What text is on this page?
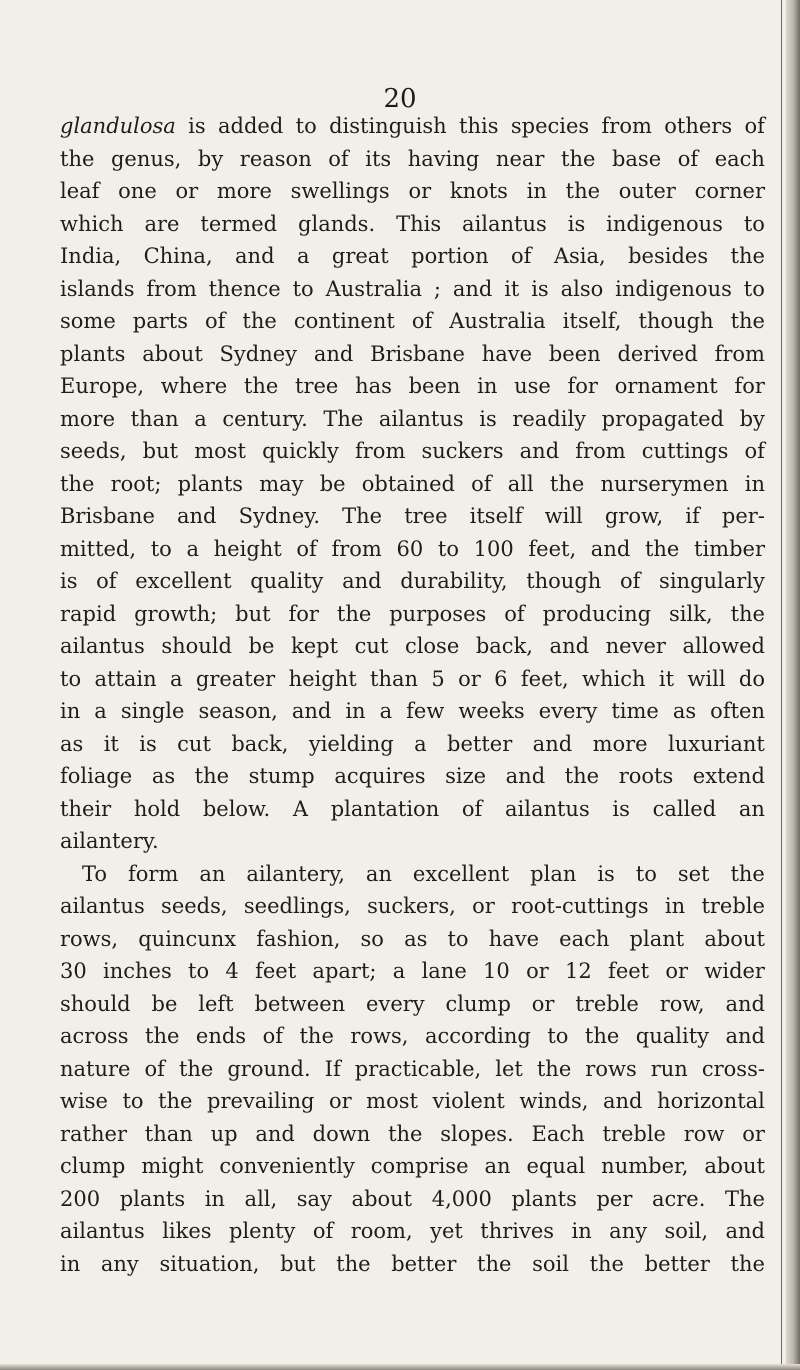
20
glandulosa is added to distinguish this species from others of
the genus, by reason of its having near the base of each
leaf one or more swellings or knots in the outer corner
which are termed glands. This ailantus is indigenous to
India, China, and a great portion of Asia, besides the
islands from thence to Australia ; and it is also indigenous to
some parts of the continent of Australia itself, though the
plants about Sydney and Brisbane have been derived from
Europe, where the tree has been in use for ornament for
more than a century. The ailantus is readily propagated by
seeds, but most quickly from suckers and from cuttings of
the root; plants may be obtained of all the nurserymen in
Brisbane and Sydney. The tree itself will grow, if per-
mitted, to a height of from 60 to 100 feet, and the timber
is of excellent quality and durability, though of singularly
rapid growth; but for the purposes of producing silk, the
ailantus should be kept cut close back, and never allowed
to attain a greater height than 5 or 6 feet, which it will do
in a single season, and in a few weeks every time as often
as it is cut back, yielding a better and more luxuriant
foliage as the stump acquires size and the roots extend
their hold below. A plantation of ailantus is called an
ailantery.
To form an ailantery, an excellent plan is to set the
ailantus seeds, seedlings, suckers, or root-cuttings in treble
rows, quincunx fashion, so as to have each plant about
30 inches to 4 feet apart; a lane 10 or 12 feet or wider
should be left between every clump or treble row, and
across the ends of the rows, according to the quality and
nature of the ground. If practicable, let the rows run cross-
wise to the prevailing or most violent winds, and horizontal
rather than up and down the slopes. Each treble row or
clump might conveniently comprise an equal number, about
200 plants in all, say about 4,000 plants per acre. The
ailantus likes plenty of room, yet thrives in any soil, and
in any situation, but the better the soil the better the
